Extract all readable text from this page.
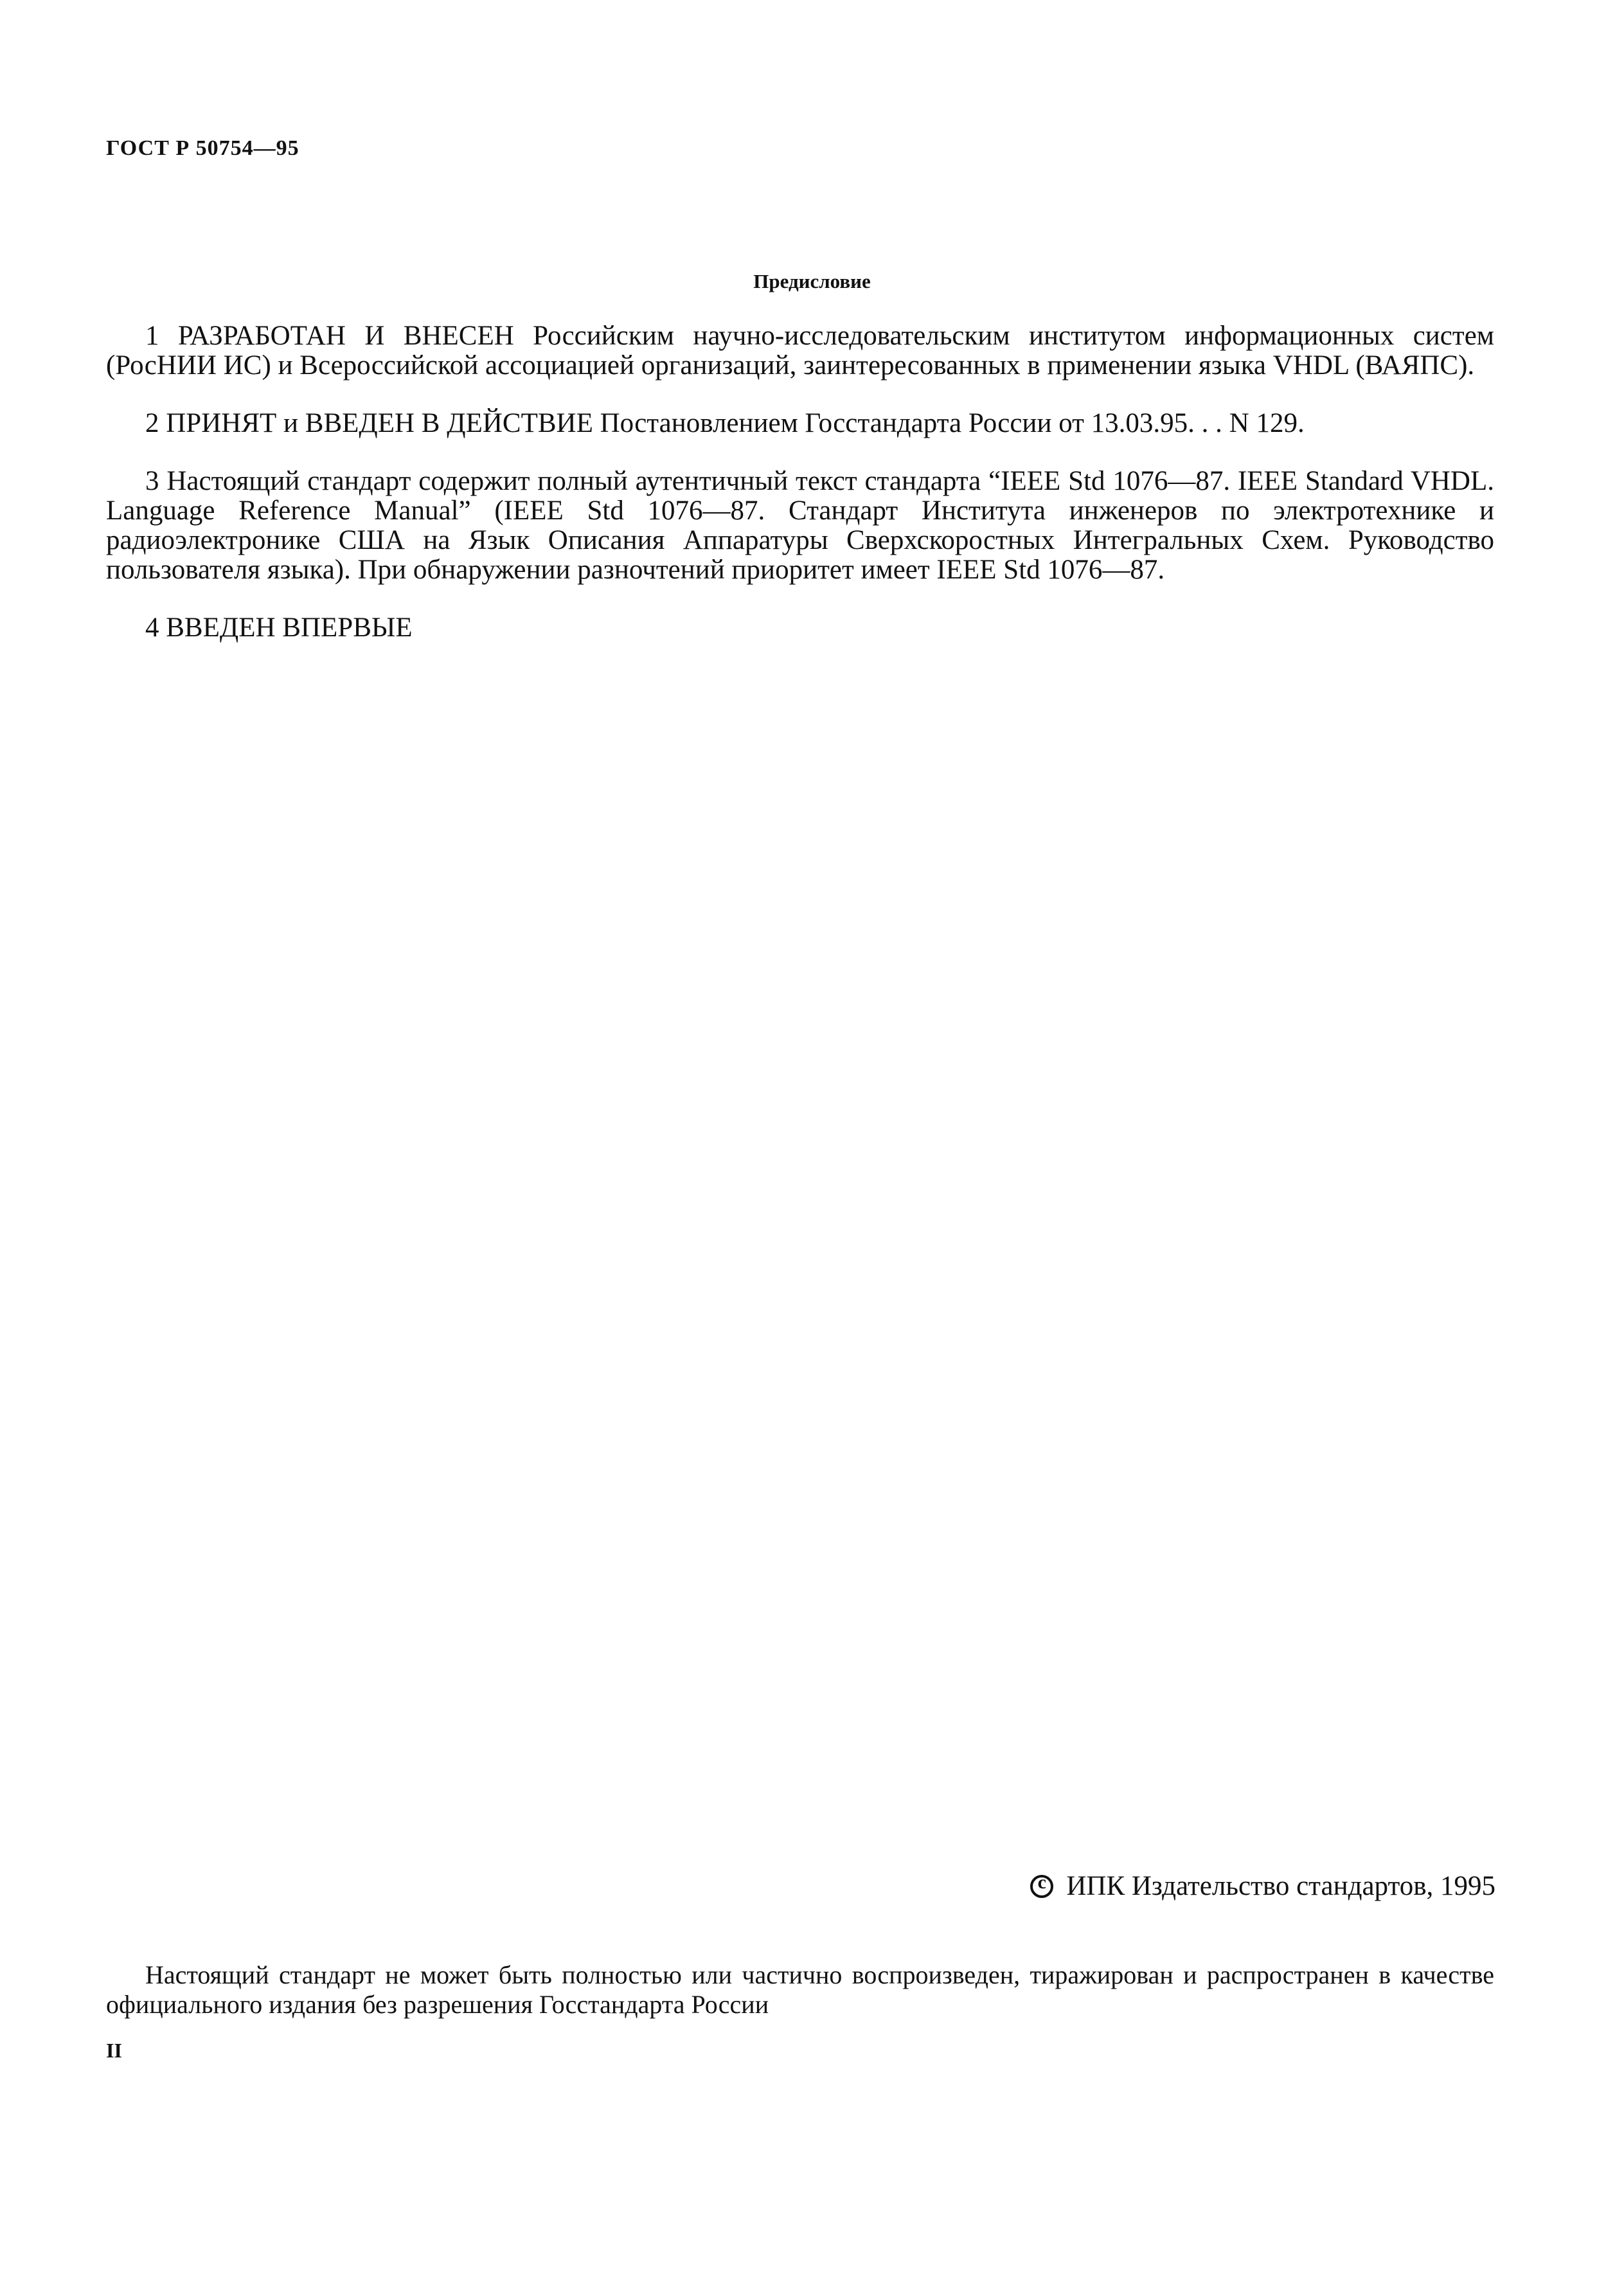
ГОСТ Р 50754—95
Предисловие

1 РАЗРАБОТАН И ВНЕСЕН Российским научно-исследовательским институтом информационных систем (РосНИИ ИС) и Всероссийской ассоциацией организаций, заинтересованных в применении языка VHDL (ВАЯПС).

2 ПРИНЯТ и ВВЕДЕН В ДЕЙСТВИЕ Постановлением Госстандарта России от 13.03.95. . . N 129.

3 Настоящий стандарт содержит полный аутентичный текст стандарта “IEEE Std 1076—87. IEEE Standard VHDL. Language Reference Manual” (IEEE Std 1076—87. Стандарт Института инженеров по электротехнике и радиоэлектронике США на Язык Описания Аппаратуры Сверхскоростных Интегральных Схем. Руководство пользователя языка). При обнаружении разночтений приоритет имеет IEEE Std 1076—87.

4 ВВЕДЕН ВПЕРВЫЕ

c
ИПК Издательство стандартов, 1995

Настоящий стандарт не может быть полностью или частично воспроизведен, тиражирован и распространен в качестве официального издания без разрешения Госстандарта России

II
